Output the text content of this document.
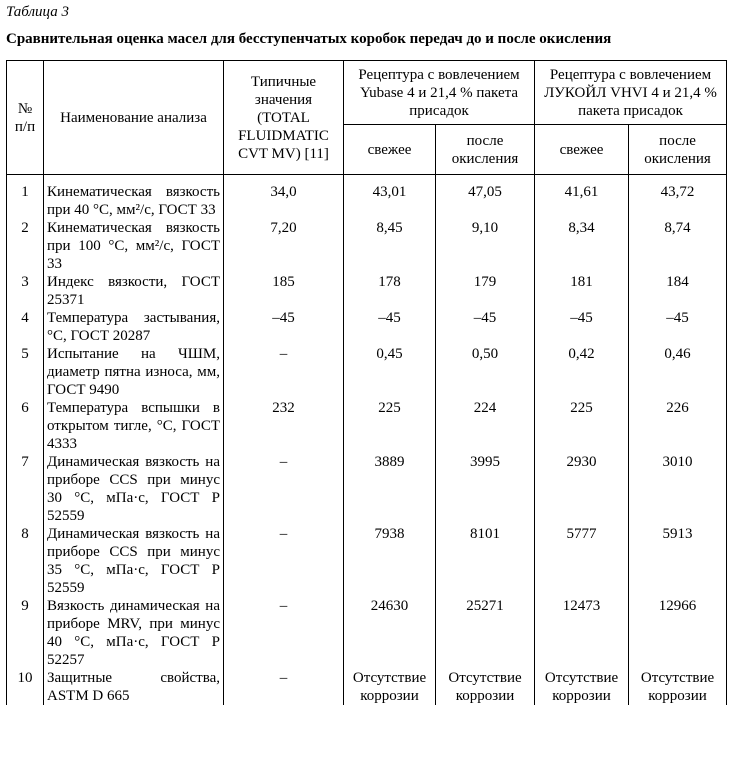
Таблица 3
Сравнительная оценка масел для бесступенчатых коробок передач до и после окисления
№ п/п	Наименование анализа	Типичные значения (TOTAL FLUIDMATIC CVT MV) [11]	Рецептура с вовлечением Yubase 4 и 21,4 % пакета присадок		Рецептура с вовлечением ЛУКОЙЛ VHVI 4 и 21,4 % пакета присадок	
			свежее	после окисления	свежее	после окисления
1	Кинематическая вязкость при 40 °С, мм²/с, ГОСТ 33	34,0	43,01	47,05	41,61	43,72
2	Кинематическая вязкость при 100 °С, мм²/с, ГОСТ 33	7,20	8,45	9,10	8,34	8,74
3	Индекс вязкости, ГОСТ 25371	185	178	179	181	184
4	Температура застывания, °С, ГОСТ 20287	–45	–45	–45	–45	–45
5	Испытание на ЧШМ, диаметр пятна износа, мм, ГОСТ 9490	–	0,45	0,50	0,42	0,46
6	Температура вспышки в открытом тигле, °С, ГОСТ 4333	232	225	224	225	226
7	Динамическая вязкость на приборе CCS при минус 30 °С, мПа·с, ГОСТ Р 52559	–	3889	3995	2930	3010
8	Динамическая вязкость на приборе CCS при минус 35 °С, мПа·с, ГОСТ Р 52559	–	7938	8101	5777	5913
9	Вязкость динамическая на приборе MRV, при минус 40 °С, мПа·с, ГОСТ Р 52257	–	24630	25271	12473	12966
10	Защитные свойства, ASTM D 665	–	Отсутствие коррозии	Отсутствие коррозии	Отсутствие коррозии	Отсутствие коррозии
